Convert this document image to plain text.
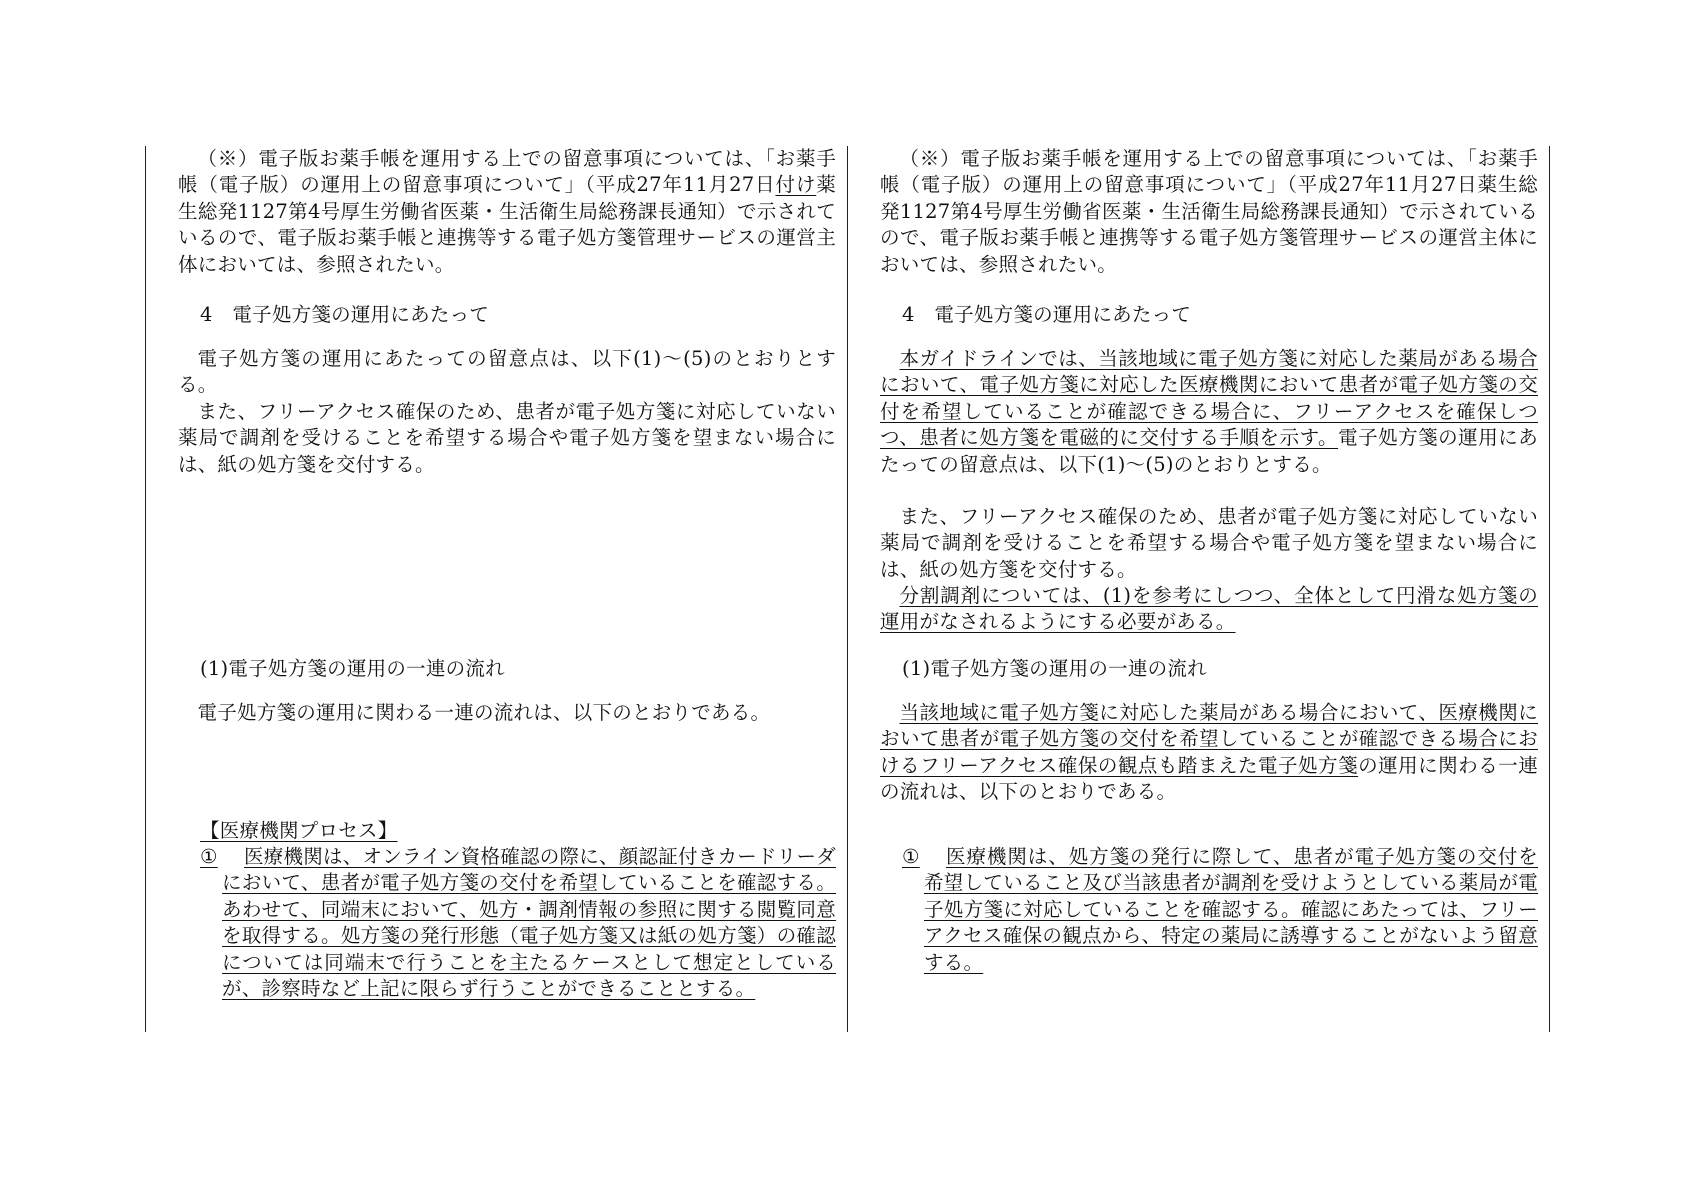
（※）電子版お薬手帳を運用する上での留意事項については、「お薬手帳（電子版）の運用上の留意事項について」（平成27年11月27日付け薬生総発1127第4号厚生労働省医薬・生活衛生局総務課長通知）で示されているので、電子版お薬手帳と連携等する電子処方箋管理サービスの運営主体においては、参照されたい。

4　電子処方箋の運用にあたって

電子処方箋の運用にあたっての留意点は、以下(1)～(5)のとおりとする。

また、フリーアクセス確保のため、患者が電子処方箋に対応していない薬局で調剤を受けることを希望する場合や電子処方箋を望まない場合には、紙の処方箋を交付する。

(1)電子処方箋の運用の一連の流れ

電子処方箋の運用に関わる一連の流れは、以下のとおりである。

【医療機関プロセス】
①	医療機関は、オンライン資格確認の際に、顔認証付きカードリーダにおいて、患者が電子処方箋の交付を希望していることを確認する。あわせて、同端末において、処方・調剤情報の参照に関する閲覧同意を取得する。処方箋の発行形態（電子処方箋又は紙の処方箋）の確認については同端末で行うことを主たるケースとして想定としているが、診察時など上記に限らず行うことができることとする。

（※）電子版お薬手帳を運用する上での留意事項については、「お薬手帳（電子版）の運用上の留意事項について」（平成27年11月27日薬生総発1127第4号厚生労働省医薬・生活衛生局総務課長通知）で示されているので、電子版お薬手帳と連携等する電子処方箋管理サービスの運営主体においては、参照されたい。

4　電子処方箋の運用にあたって

本ガイドラインでは、当該地域に電子処方箋に対応した薬局がある場合において、電子処方箋に対応した医療機関において患者が電子処方箋の交付を希望していることが確認できる場合に、フリーアクセスを確保しつつ、患者に処方箋を電磁的に交付する手順を示す。電子処方箋の運用にあたっての留意点は、以下(1)～(5)のとおりとする。

また、フリーアクセス確保のため、患者が電子処方箋に対応していない薬局で調剤を受けることを希望する場合や電子処方箋を望まない場合には、紙の処方箋を交付する。

分割調剤については、(1)を参考にしつつ、全体として円滑な処方箋の運用がなされるようにする必要がある。

(1)電子処方箋の運用の一連の流れ

当該地域に電子処方箋に対応した薬局がある場合において、医療機関において患者が電子処方箋の交付を希望していることが確認できる場合におけるフリーアクセス確保の観点も踏まえた電子処方箋の運用に関わる一連の流れは、以下のとおりである。

①	医療機関は、処方箋の発行に際して、患者が電子処方箋の交付を希望していること及び当該患者が調剤を受けようとしている薬局が電子処方箋に対応していることを確認する。確認にあたっては、フリーアクセス確保の観点から、特定の薬局に誘導することがないよう留意する。
